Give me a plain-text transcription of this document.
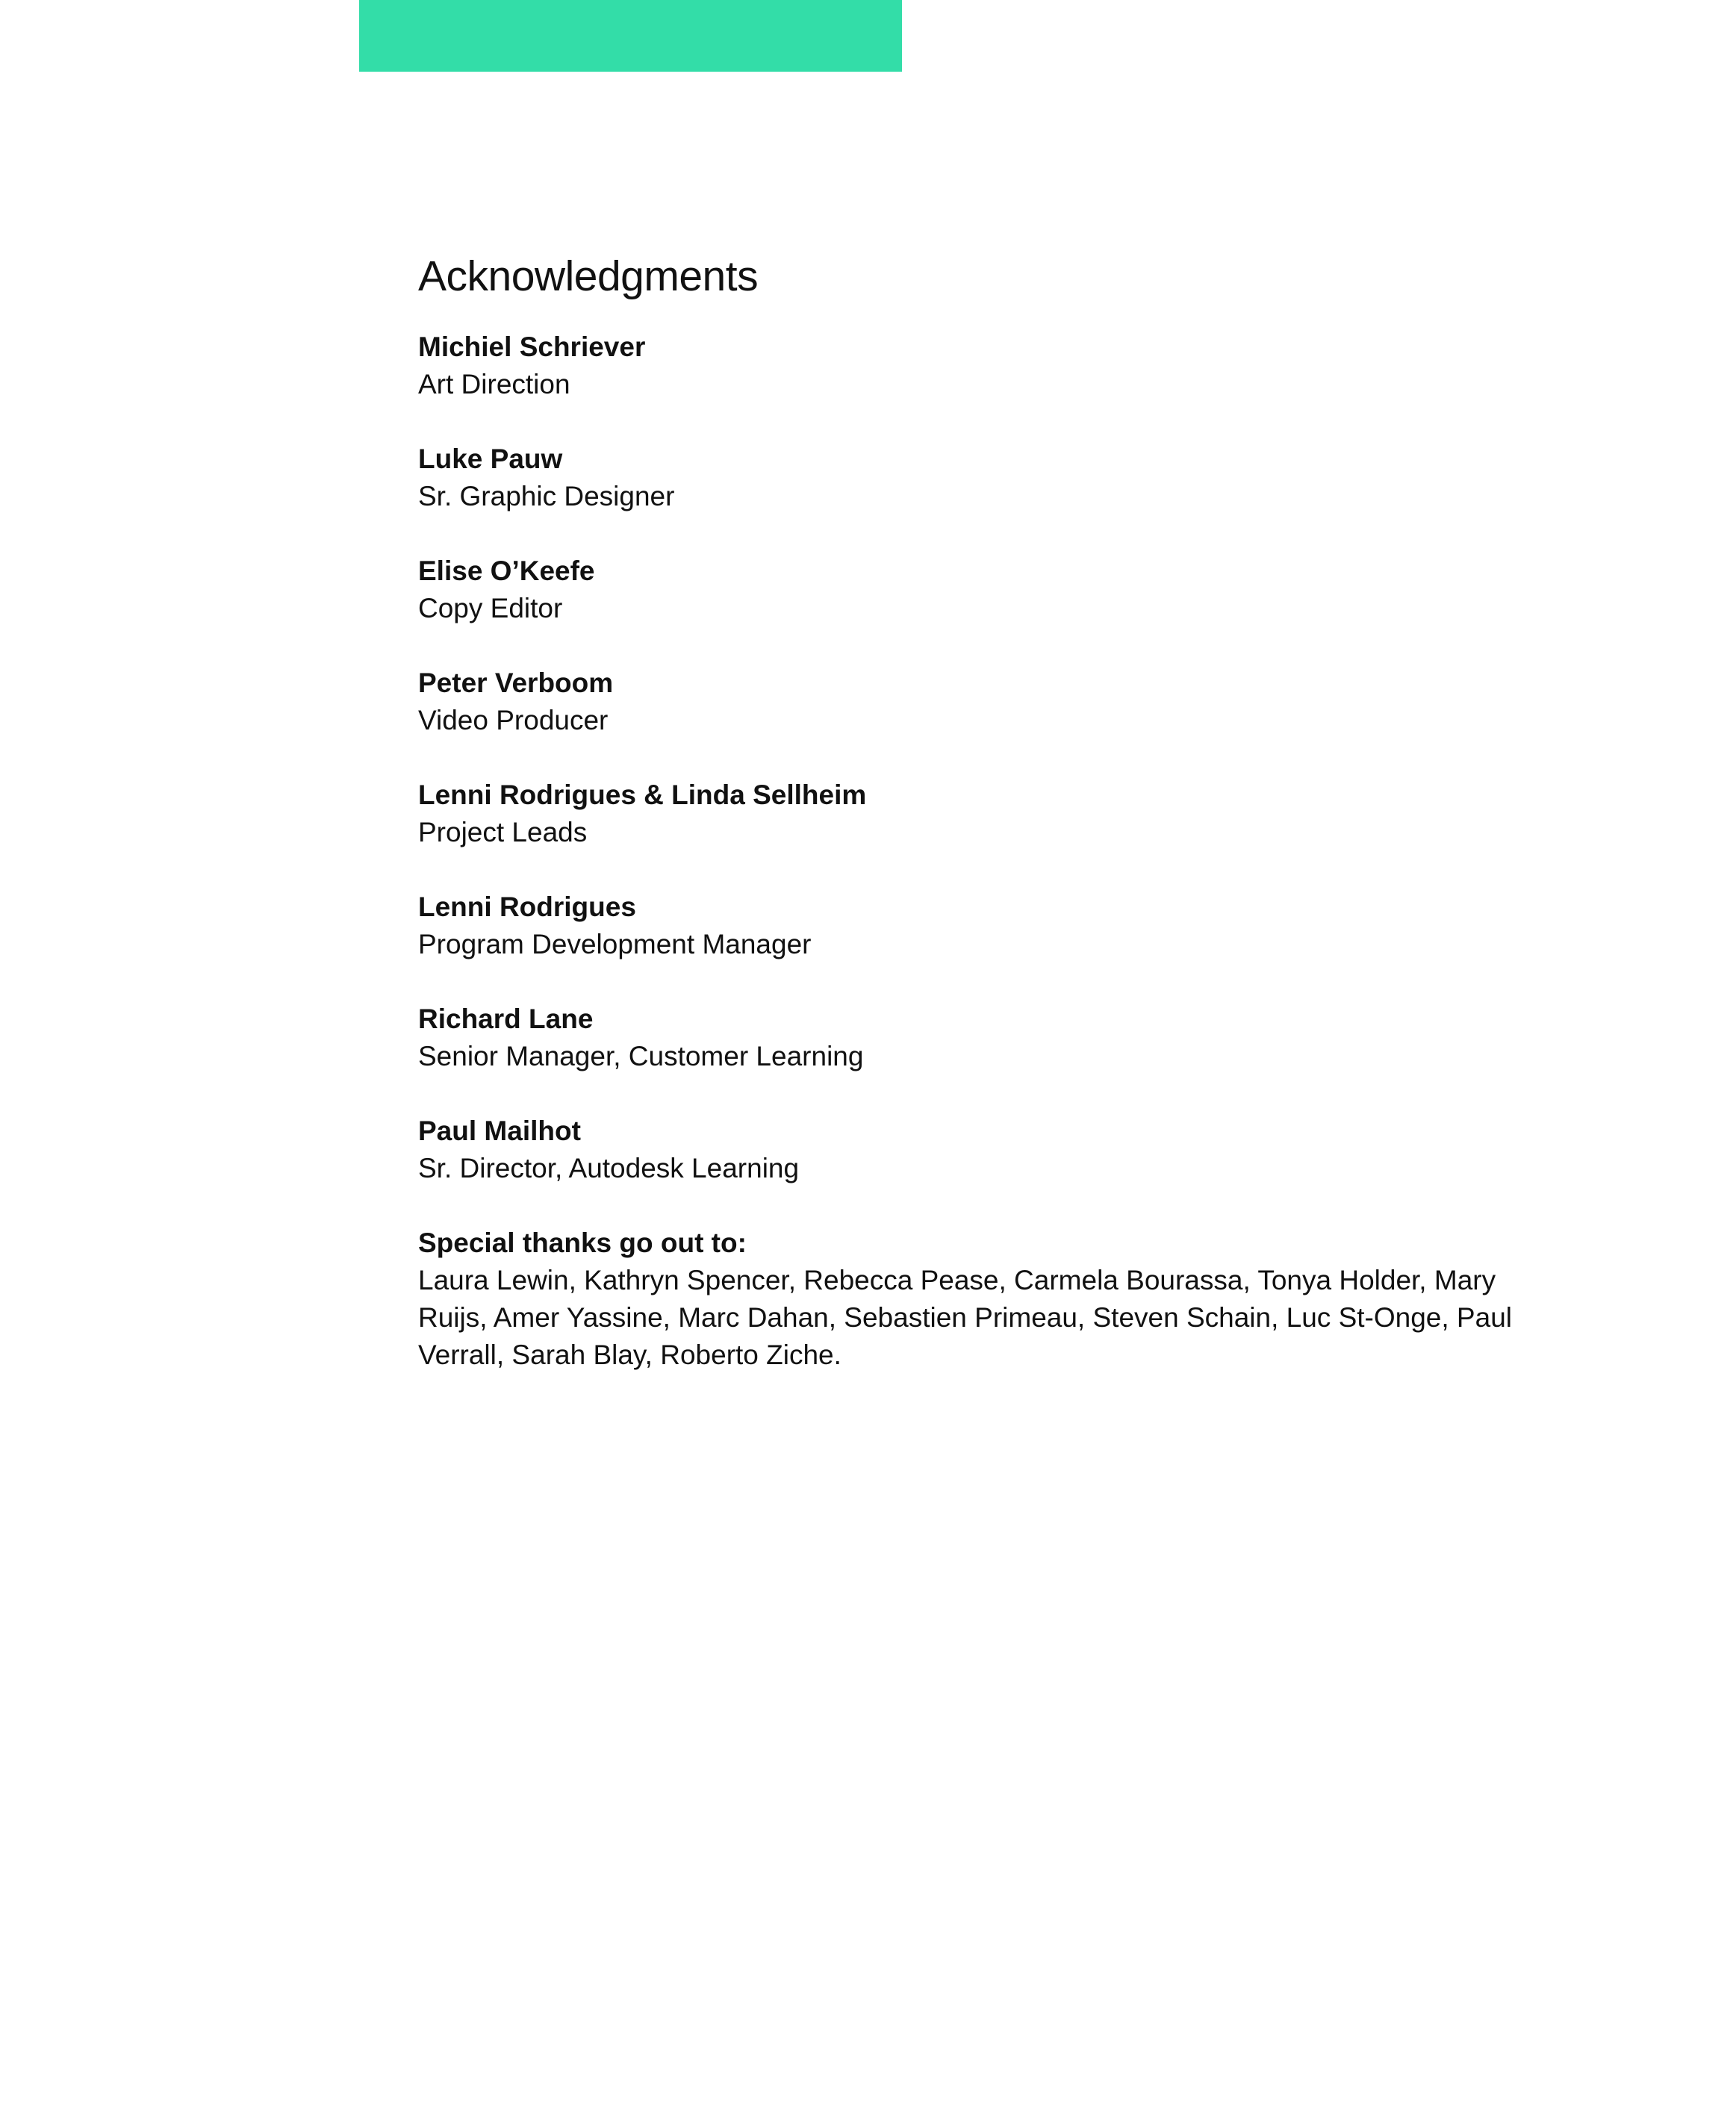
Acknowledgments

Michiel Schriever

Art Direction

Luke Pauw

Sr. Graphic Designer

Elise O’Keefe

Copy Editor

Peter Verboom

Video Producer

Lenni Rodrigues & Linda Sellheim

Project Leads

Lenni Rodrigues

Program Development Manager

Richard Lane

Senior Manager, Customer Learning

Paul Mailhot

Sr. Director, Autodesk Learning

Special thanks go out to:

Laura Lewin, Kathryn Spencer, Rebecca Pease, Carmela Bourassa, Tonya Holder, Mary Ruijs, Amer Yassine, Marc Dahan, Sebastien Primeau, Steven Schain, Luc St-Onge, Paul Verrall, Sarah Blay, Roberto Ziche.
